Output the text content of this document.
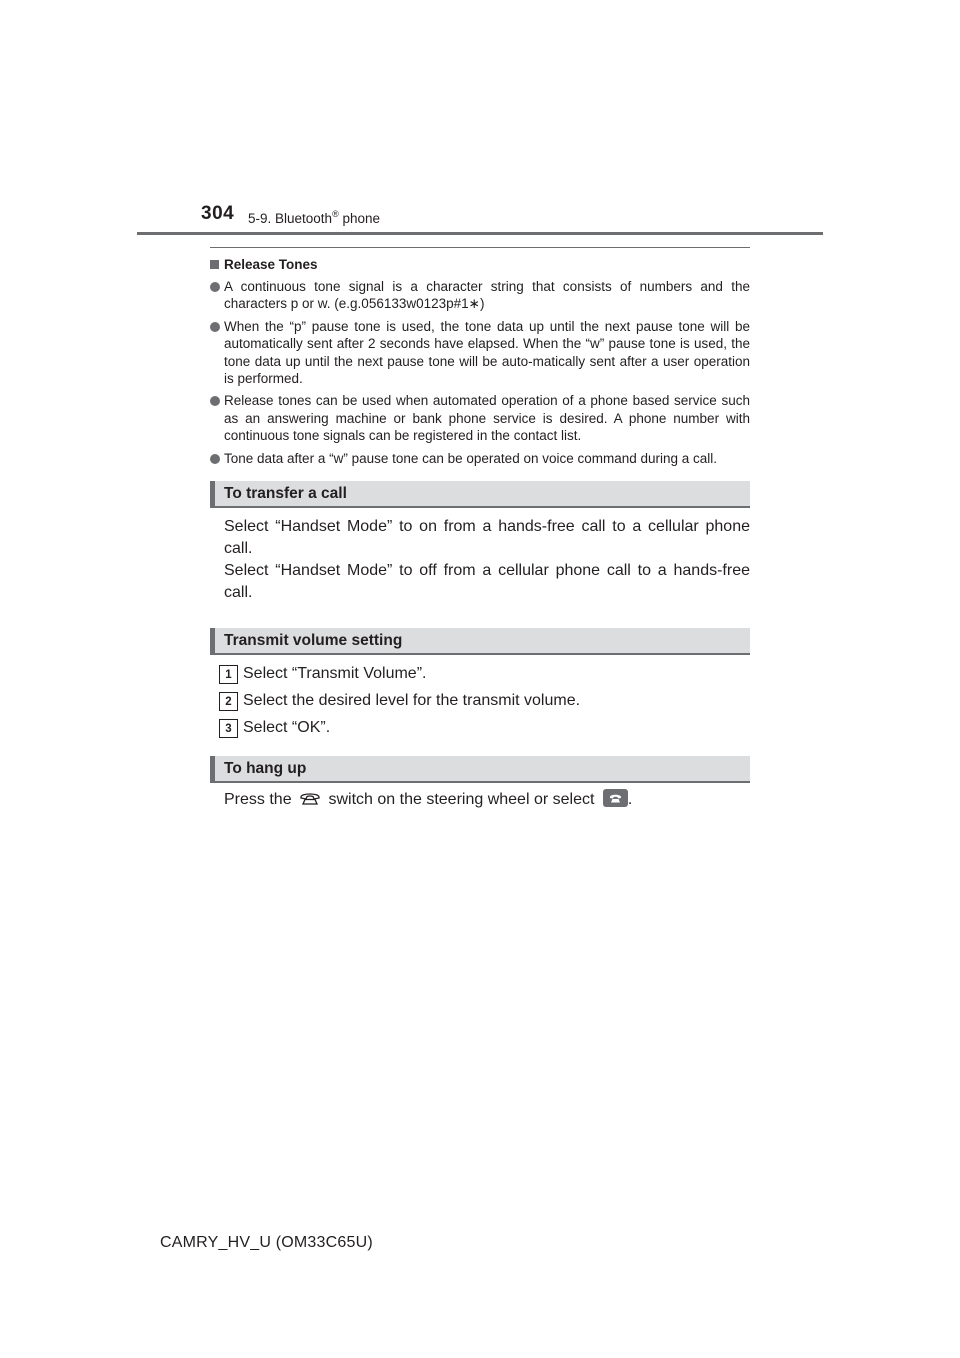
304 5-9. Bluetooth® phone
Release Tones
A continuous tone signal is a character string that consists of numbers and the characters p or w. (e.g.056133w0123p#1∗)
When the “p” pause tone is used, the tone data up until the next pause tone will be automatically sent after 2 seconds have elapsed. When the “w” pause tone is used, the tone data up until the next pause tone will be auto-matically sent after a user operation is performed.
Release tones can be used when automated operation of a phone based service such as an answering machine or bank phone service is desired. A phone number with continuous tone signals can be registered in the contact list.
Tone data after a “w” pause tone can be operated on voice command during a call.
To transfer a call
Select “Handset Mode” to on from a hands-free call to a cellular phone call.
Select “Handset Mode” to off from a cellular phone call to a hands-free call.
Transmit volume setting
1 Select “Transmit Volume”.
2 Select the desired level for the transmit volume.
3 Select “OK”.
To hang up
Press the switch on the steering wheel or select .
CAMRY_HV_U (OM33C65U)
